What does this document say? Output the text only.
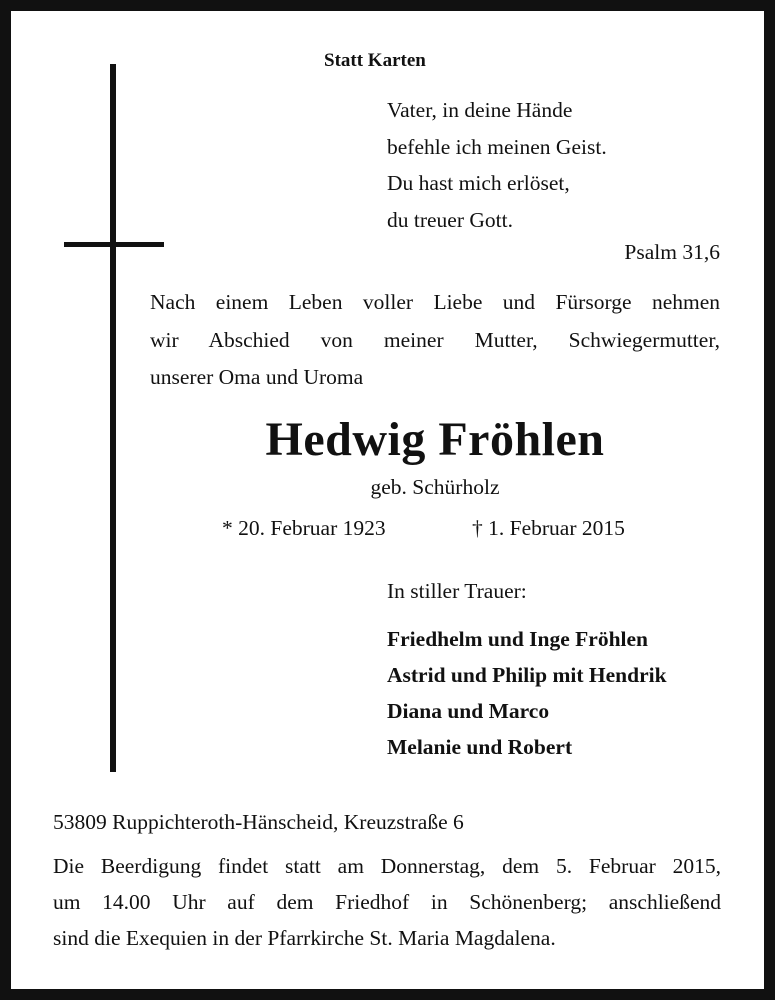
Statt Karten
Vater, in deine Hände
befehle ich meinen Geist.
Du hast mich erlöset,
du treuer Gott.
Psalm 31,6
Nach einem Leben voller Liebe und Fürsorge nehmen
wir Abschied von meiner Mutter, Schwiegermutter,
unserer Oma und Uroma
Hedwig Fröhlen
geb. Schürholz
* 20. Februar 1923	† 1. Februar 2015
In stiller Trauer:
Friedhelm und Inge Fröhlen
Astrid und Philip mit Hendrik
Diana und Marco
Melanie und Robert
53809 Ruppichteroth-Hänscheid, Kreuzstraße 6
Die Beerdigung findet statt am Donnerstag, dem 5. Februar 2015,
um 14.00 Uhr auf dem Friedhof in Schönenberg; anschließend
sind die Exequien in der Pfarrkirche St. Maria Magdalena.
